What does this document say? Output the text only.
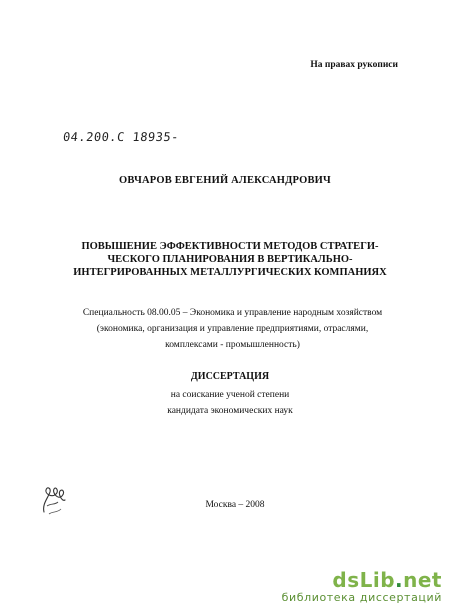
На правах рукописи
04.200.C 18935-
ОВЧАРОВ ЕВГЕНИЙ АЛЕКСАНДРОВИЧ
ПОВЫШЕНИЕ ЭФФЕКТИВНОСТИ МЕТОДОВ СТРАТЕГИ-
ЧЕСКОГО ПЛАНИРОВАНИЯ В ВЕРТИКАЛЬНО-
ИНТЕГРИРОВАННЫХ МЕТАЛЛУРГИЧЕСКИХ КОМПАНИЯХ
Специальность 08.00.05 – Экономика и управление народным хозяйством
(экономика, организация и управление предприятиями, отраслями,
комплексами - промышленность)
ДИССЕРТАЦИЯ
на соискание ученой степени
кандидата экономических наук
Москва – 2008
dsLib.net
библиотека диссертаций
